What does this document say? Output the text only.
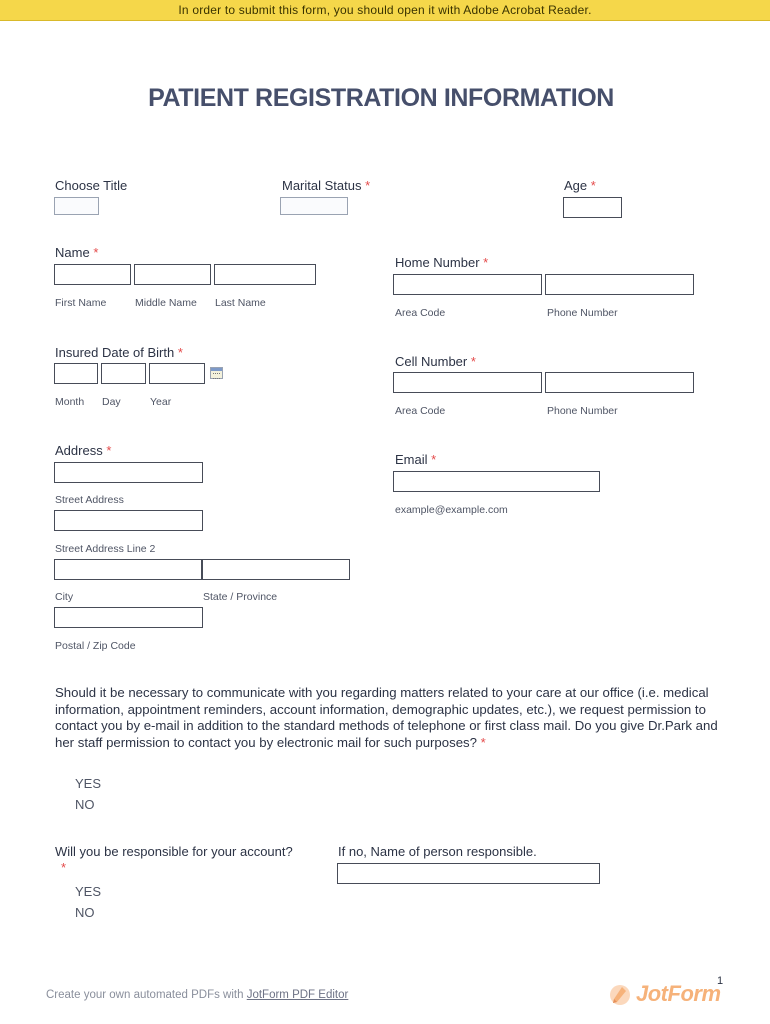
In order to submit this form, you should open it with Adobe Acrobat Reader.
PATIENT REGISTRATION INFORMATION
Choose Title	Marital Status *	Age *
Name *
First Name	Middle Name Last Name
Home Number *
Area Code	Phone Number
Insured Date of Birth *
Month Day	Year
Cell Number *
Area Code	Phone Number
Address *
Street Address
Street Address Line 2
City	State / Province
Postal / Zip Code
Email *
example@example.com
Should it be necessary to communicate with you regarding matters related to your care at our office (i.e. medical information, appointment reminders, account information, demographic updates, etc.), we request permission to contact you by e-mail in addition to the standard methods of telephone or first class mail. Do you give Dr.Park and her staff permission to contact you by electronic mail for such purposes? *
YES
NO
Will you be responsible for your account?
*
YES
NO
If no, Name of person responsible.
Create your own automated PDFs with JotForm PDF Editor
1
JotForm
